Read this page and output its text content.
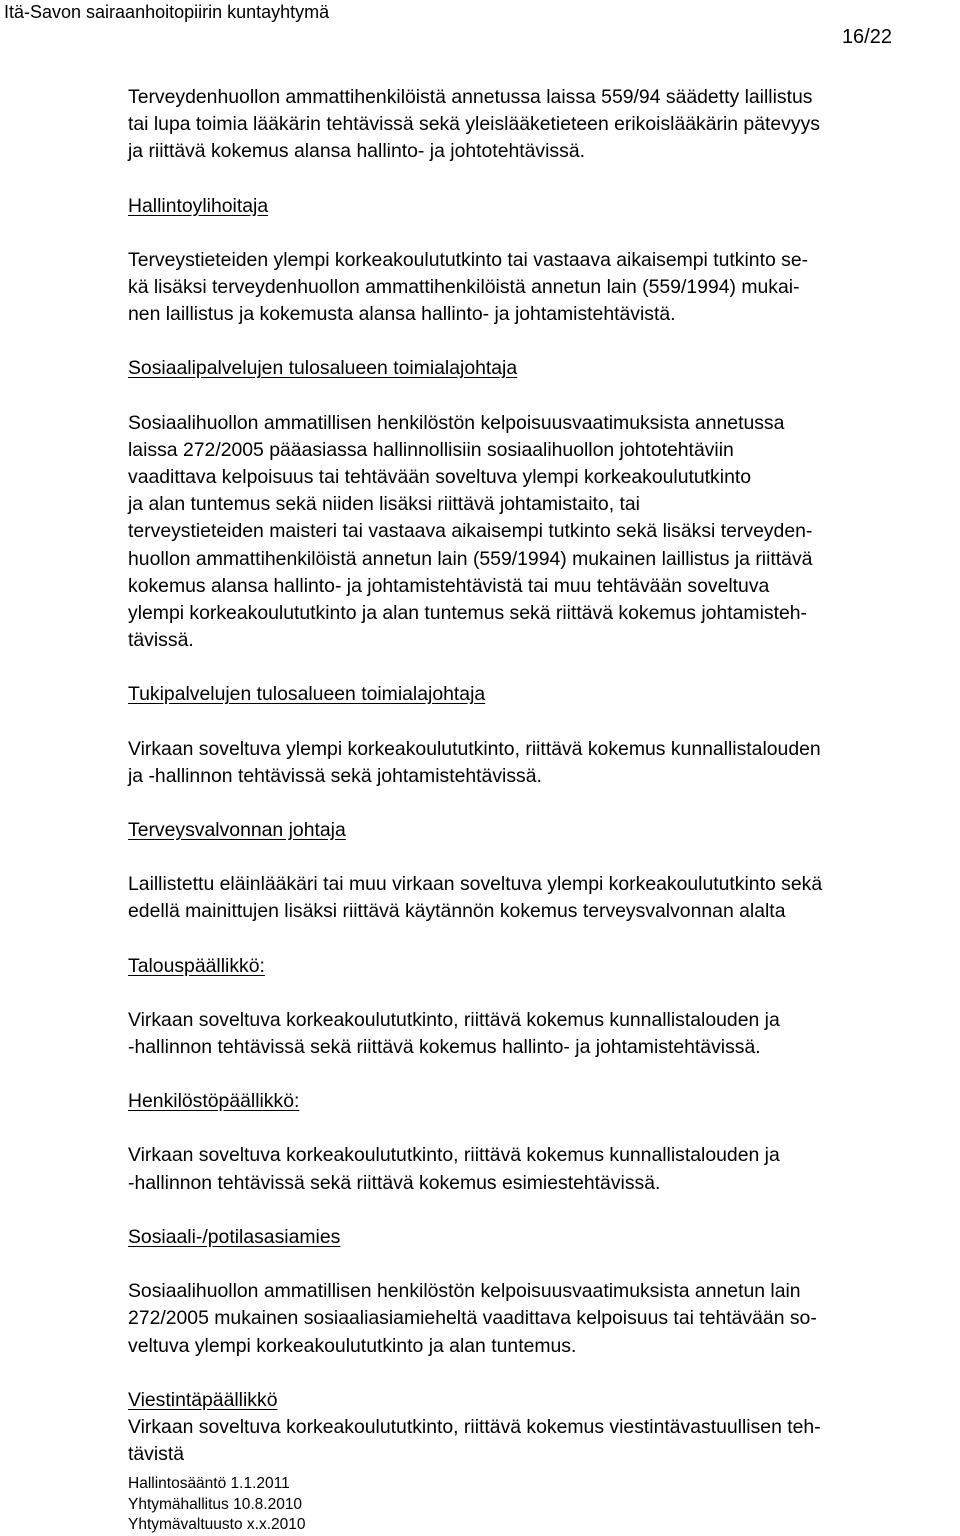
Itä-Savon sairaanhoitopiirin kuntayhtymä
16/22

Terveydenhuollon ammattihenkilöistä annetussa laissa 559/94 säädetty laillistus
tai lupa toimia lääkärin tehtävissä sekä yleislääketieteen erikoislääkärin pätevyys
ja riittävä kokemus alansa hallinto- ja johtotehtävissä.

Hallintoylihoitaja

Terveystieteiden ylempi korkeakoulututkinto tai vastaava aikaisempi tutkinto se-
kä lisäksi terveydenhuollon ammattihenkilöistä annetun lain (559/1994) mukai-
nen laillistus ja kokemusta alansa hallinto- ja johtamistehtävistä.

Sosiaalipalvelujen tulosalueen toimialajohtaja

Sosiaalihuollon ammatillisen henkilöstön kelpoisuusvaatimuksista annetussa
laissa 272/2005 pääasiassa hallinnollisiin sosiaalihuollon johtotehtäviin
vaadittava kelpoisuus tai tehtävään soveltuva ylempi korkeakoulututkinto
ja alan tuntemus sekä niiden lisäksi riittävä johtamistaito, tai
terveystieteiden maisteri tai vastaava aikaisempi tutkinto sekä lisäksi terveyden-
huollon ammattihenkilöistä annetun lain (559/1994) mukainen laillistus ja riittävä
kokemus alansa hallinto- ja johtamistehtävistä tai muu tehtävään soveltuva
ylempi korkeakoulututkinto ja alan tuntemus sekä riittävä kokemus johtamisteh-
tävissä.

Tukipalvelujen tulosalueen toimialajohtaja

Virkaan soveltuva ylempi korkeakoulututkinto, riittävä kokemus kunnallistalouden
ja -hallinnon tehtävissä sekä johtamistehtävissä.

Terveysvalvonnan johtaja

Laillistettu eläinlääkäri tai muu virkaan soveltuva ylempi korkeakoulututkinto sekä
edellä mainittujen lisäksi riittävä käytännön kokemus terveysvalvonnan alalta

Talouspäällikkö:

Virkaan soveltuva korkeakoulututkinto, riittävä kokemus kunnallistalouden ja
-hallinnon tehtävissä sekä riittävä kokemus hallinto- ja johtamistehtävissä.

Henkilöstöpäällikkö:

Virkaan soveltuva korkeakoulututkinto, riittävä kokemus kunnallistalouden ja
-hallinnon tehtävissä sekä riittävä kokemus esimiestehtävissä.

Sosiaali-/potilasasiamies

Sosiaalihuollon ammatillisen henkilöstön kelpoisuusvaatimuksista annetun lain
272/2005 mukainen sosiaaliasiamieheltä vaadittava kelpoisuus tai tehtävään so-
veltuva ylempi korkeakoulututkinto ja alan tuntemus.

Viestintäpäällikkö

Virkaan soveltuva korkeakoulututkinto, riittävä kokemus viestintävastuullisen teh-
tävistä

Hallintosääntö 1.1.2011
Yhtymähallitus 10.8.2010
Yhtymävaltuusto x.x.2010
